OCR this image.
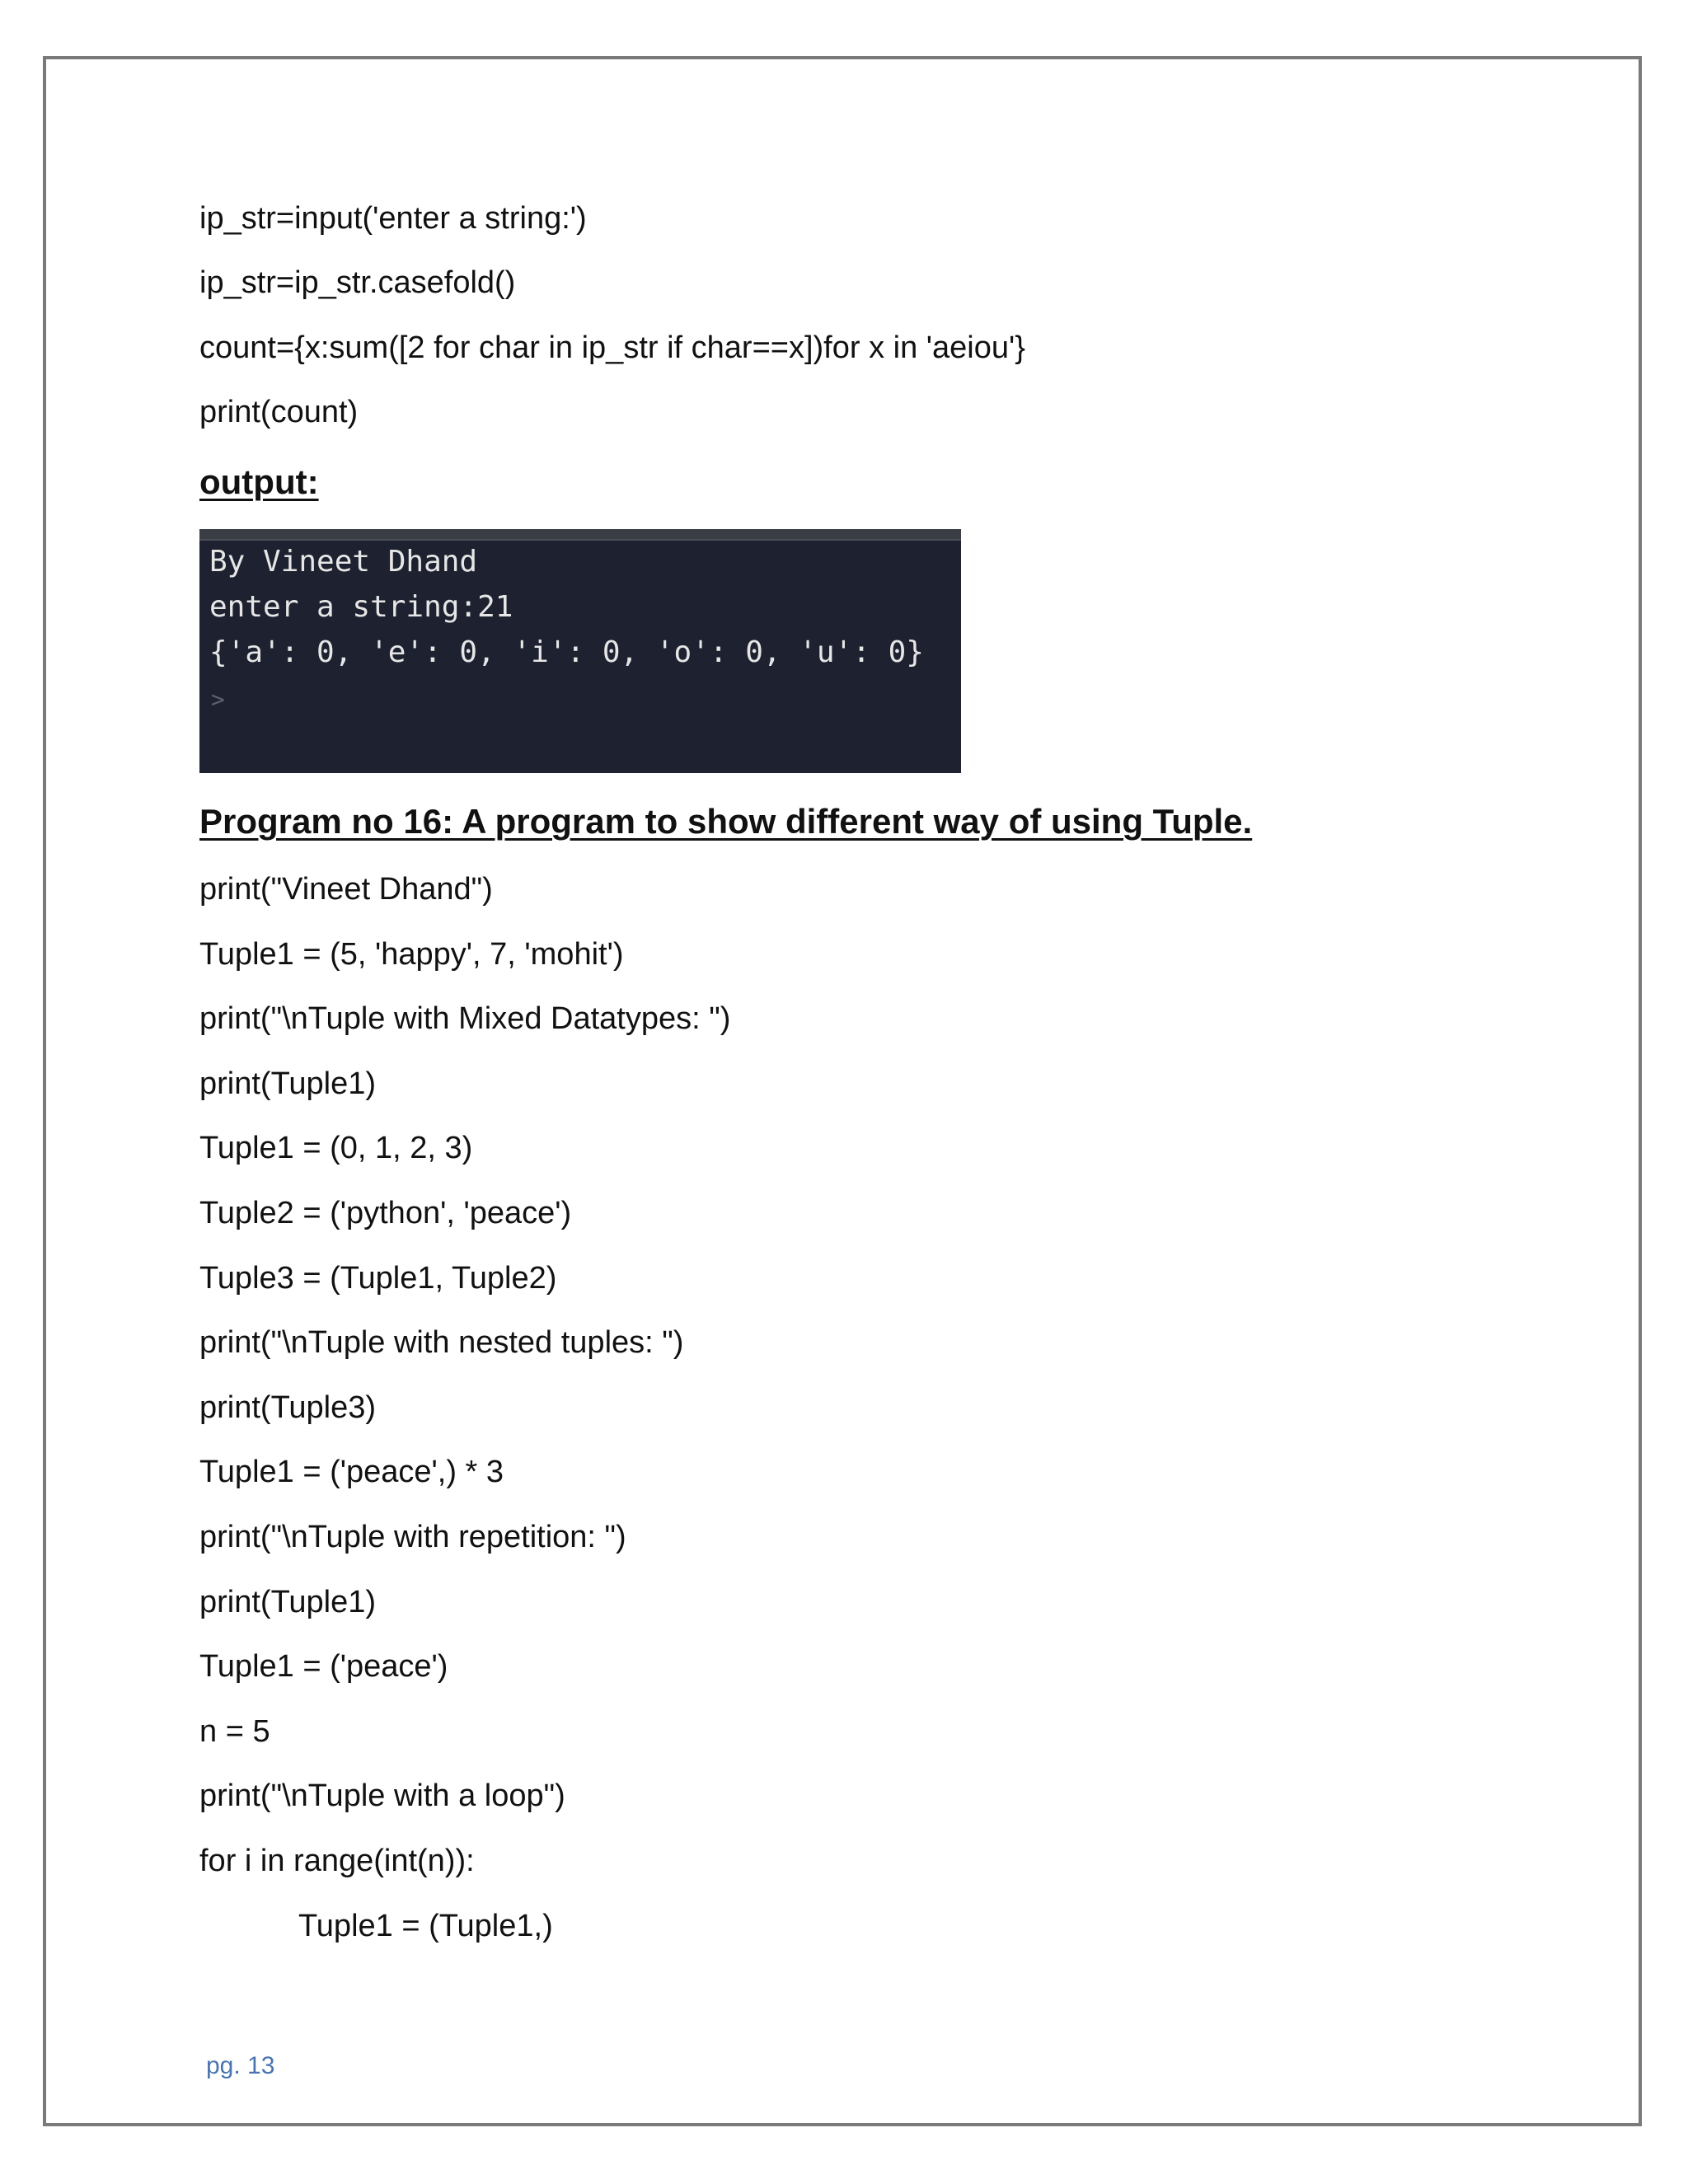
ip_str=input('enter a string:')
ip_str=ip_str.casefold()
count={x:sum([2 for char in ip_str if char==x])for x in 'aeiou'}
print(count)
output:
Program no 16: A program to show different way of using Tuple.
print("Vineet Dhand")
Tuple1 = (5, 'happy', 7, 'mohit')
print("\nTuple with Mixed Datatypes: ")
print(Tuple1)
Tuple1 = (0, 1, 2, 3)
Tuple2 = ('python', 'peace')
Tuple3 = (Tuple1, Tuple2)
print("\nTuple with nested tuples: ")
print(Tuple3)
Tuple1 = ('peace',) * 3
print("\nTuple with repetition: ")
print(Tuple1)
Tuple1 = ('peace')
n = 5
print("\nTuple with a loop")
for i in range(int(n)):
Tuple1 = (Tuple1,)
By Vineet Dhand
enter a string:21
{'a': 0, 'e': 0, 'i': 0, 'o': 0, 'u': 0}
>
pg. 13
